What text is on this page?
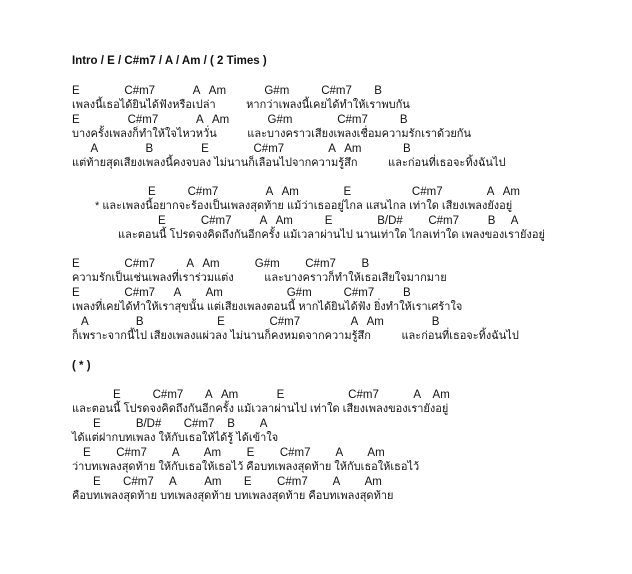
Intro / E / C#m7 / A / Am / ( 2 Times )
E              C#m7            A   Am            G#m          C#m7       B
เพลงนี้เธอได้ยินได้ฟังหรือเปล่า          หากว่าเพลงนี้เคยได้ทำให้เราพบกัน
E               C#m7            A   Am            G#m              C#m7          B
บางครั้งเพลงก็ทำให้ใจไหวหวั่น          และบางคราวเสียงเพลงเชื่อมความรักเราด้วยกัน
A               B               E              C#m7              A   Am             B
แต่ท้ายสุดเสียงเพลงนี้คงจบลง ไม่นานก็เลือนไปจากความรู้สึก          และก่อนที่เธอจะทิ้งฉันไป
E          C#m7               A   Am              E                   C#m7              A   Am
* และเพลงนี้อยากจะร้องเป็นเพลงสุดท้าย แม้ว่าเธออยู่ไกล แสนไกล เท่าใด เสียงเพลงยังอยู่
E           C#m7         A   Am          E              B/D#        C#m7         B     A
และตอนนี้ โปรดจงคิดถึงกันอีกครั้ง แม้เวลาผ่านไป นานเท่าใด ไกลเท่าใด เพลงของเรายังอยู่
E              C#m7          A   Am           G#m        C#m7        B
ความรักเป็นเช่นเพลงที่เราร่วมแต่ง          และบางคราวก็ทำให้เธอเสียใจมากมาย
E              C#m7      A        Am                    G#m          C#m7         B
เพลงที่เคยได้ทำให้เราสุขนั้น แต่เสียงเพลงตอนนี้ หากได้ยินได้ฟัง ยิ่งทำให้เราเศร้าใจ
A               B                       E              C#m7                A   Am               B
ก็เพราะจากนี้ไป เสียงเพลงแผ่วลง ไม่นานก็คงหมดจากความรู้สึก          และก่อนที่เธอจะทิ้งฉันไป
( * )
E          C#m7       A   Am            E                    C#m7           A    Am
และตอนนี้ โปรดจงคิดถึงกันอีกครั้ง แม้เวลาผ่านไป เท่าใด เสียงเพลงของเรายังอยู่
E           B/D#       C#m7    B        A
ได้แต่ฝากบทเพลง ให้กับเธอให้ได้รู้ ได้เข้าใจ
E        C#m7        A        Am        E        C#m7        A        Am
ว่าบทเพลงสุดท้าย ให้กับเธอให้เธอไว้ คือบทเพลงสุดท้าย ให้กับเธอให้เธอไว้
E       C#m7     A         Am       E        C#m7        A        Am
คือบทเพลงสุดท้าย บทเพลงสุดท้าย บทเพลงสุดท้าย คือบทเพลงสุดท้าย
